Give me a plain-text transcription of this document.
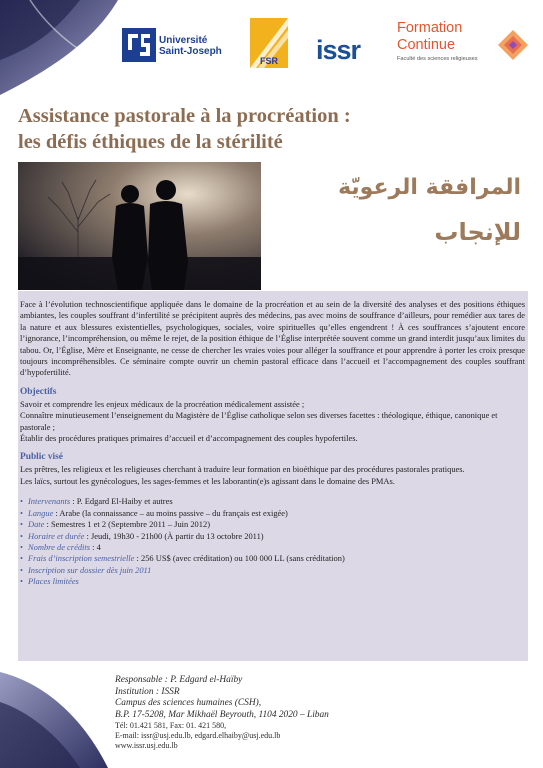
Université
Saint-Joseph
FSR issr
Formation
Continue
Faculté des sciences religieuses
Assistance pastorale à la procréation :
les défis éthiques de la stérilité
المرافقة الرعويّة
للإنجاب

Face à l’évolution technoscientifique appliquée dans le domaine de la procréation et au sein de la diversité des analyses et des positions éthiques ambiantes, les couples souffrant d’infertilité se précipitent auprès des médecins, pas avec moins de souffrance d’ailleurs, pour remédier aux tares de la nature et aux blessures existentielles, psychologiques, sociales, voire spirituelles qu’elles engendrent ! À ces souffrances s’ajoutent encore l’ignorance, l’incompréhension, ou même le rejet, de la position éthique de l’Église interprétée souvent comme un grand interdit jusqu’aux limites du tabou. Or, l’Église, Mère et Enseignante, ne cesse de chercher les vraies voies pour alléger la souffrance et pour apprendre à porter les croix presque toujours incompréhensibles. Ce séminaire compte ouvrir un chemin pastoral efficace dans l’accueil et l’accompagnement des couples souffrant d’hypofertilité.

Objectifs

Savoir et comprendre les enjeux médicaux de la procréation médicalement assistée ;

Connaître minutieusement l’enseignement du Magistère de l’Église catholique selon ses diverses facettes : théologique, éthique, canonique et pastorale ;

Établir des procédures pratiques primaires d’accueil et d’accompagnement des couples hypofertiles.

Public visé

Les prêtres, les religieux et les religieuses cherchant à traduire leur formation en bioéthique par des procédures pastorales pratiques.

Les laïcs, surtout les gynécologues, les sages-femmes et les laborantin(e)s agissant dans le domaine des PMAs.

• Intervenants : P. Edgard El-Haiby et autres
• Langue : Arabe (la connaissance – au moins passive – du français est exigée)
• Date : Semestres 1 et 2 (Septembre 2011 – Juin 2012)
• Horaire et durée : Jeudi, 19h30 - 21h00 (À partir du 13 octobre 2011)
• Nombre de crédits : 4
• Frais d’inscription semestrielle : 256 US$ (avec créditation) ou 100 000 LL (sans créditation)
• Inscription sur dossier dès juin 2011
• Places limitées
Responsable : P. Edgard el-Haïby
Institution : ISSR
Campus des sciences humaines (CSH),
B.P. 17-5208, Mar Mikhaël Beyrouth, 1104 2020 – Liban
Tél: 01.421 581, Fax: 01. 421 580,
E-mail: issr@usj.edu.lb, edgard.elhaiby@usj.edu.lb
www.issr.usj.edu.lb
